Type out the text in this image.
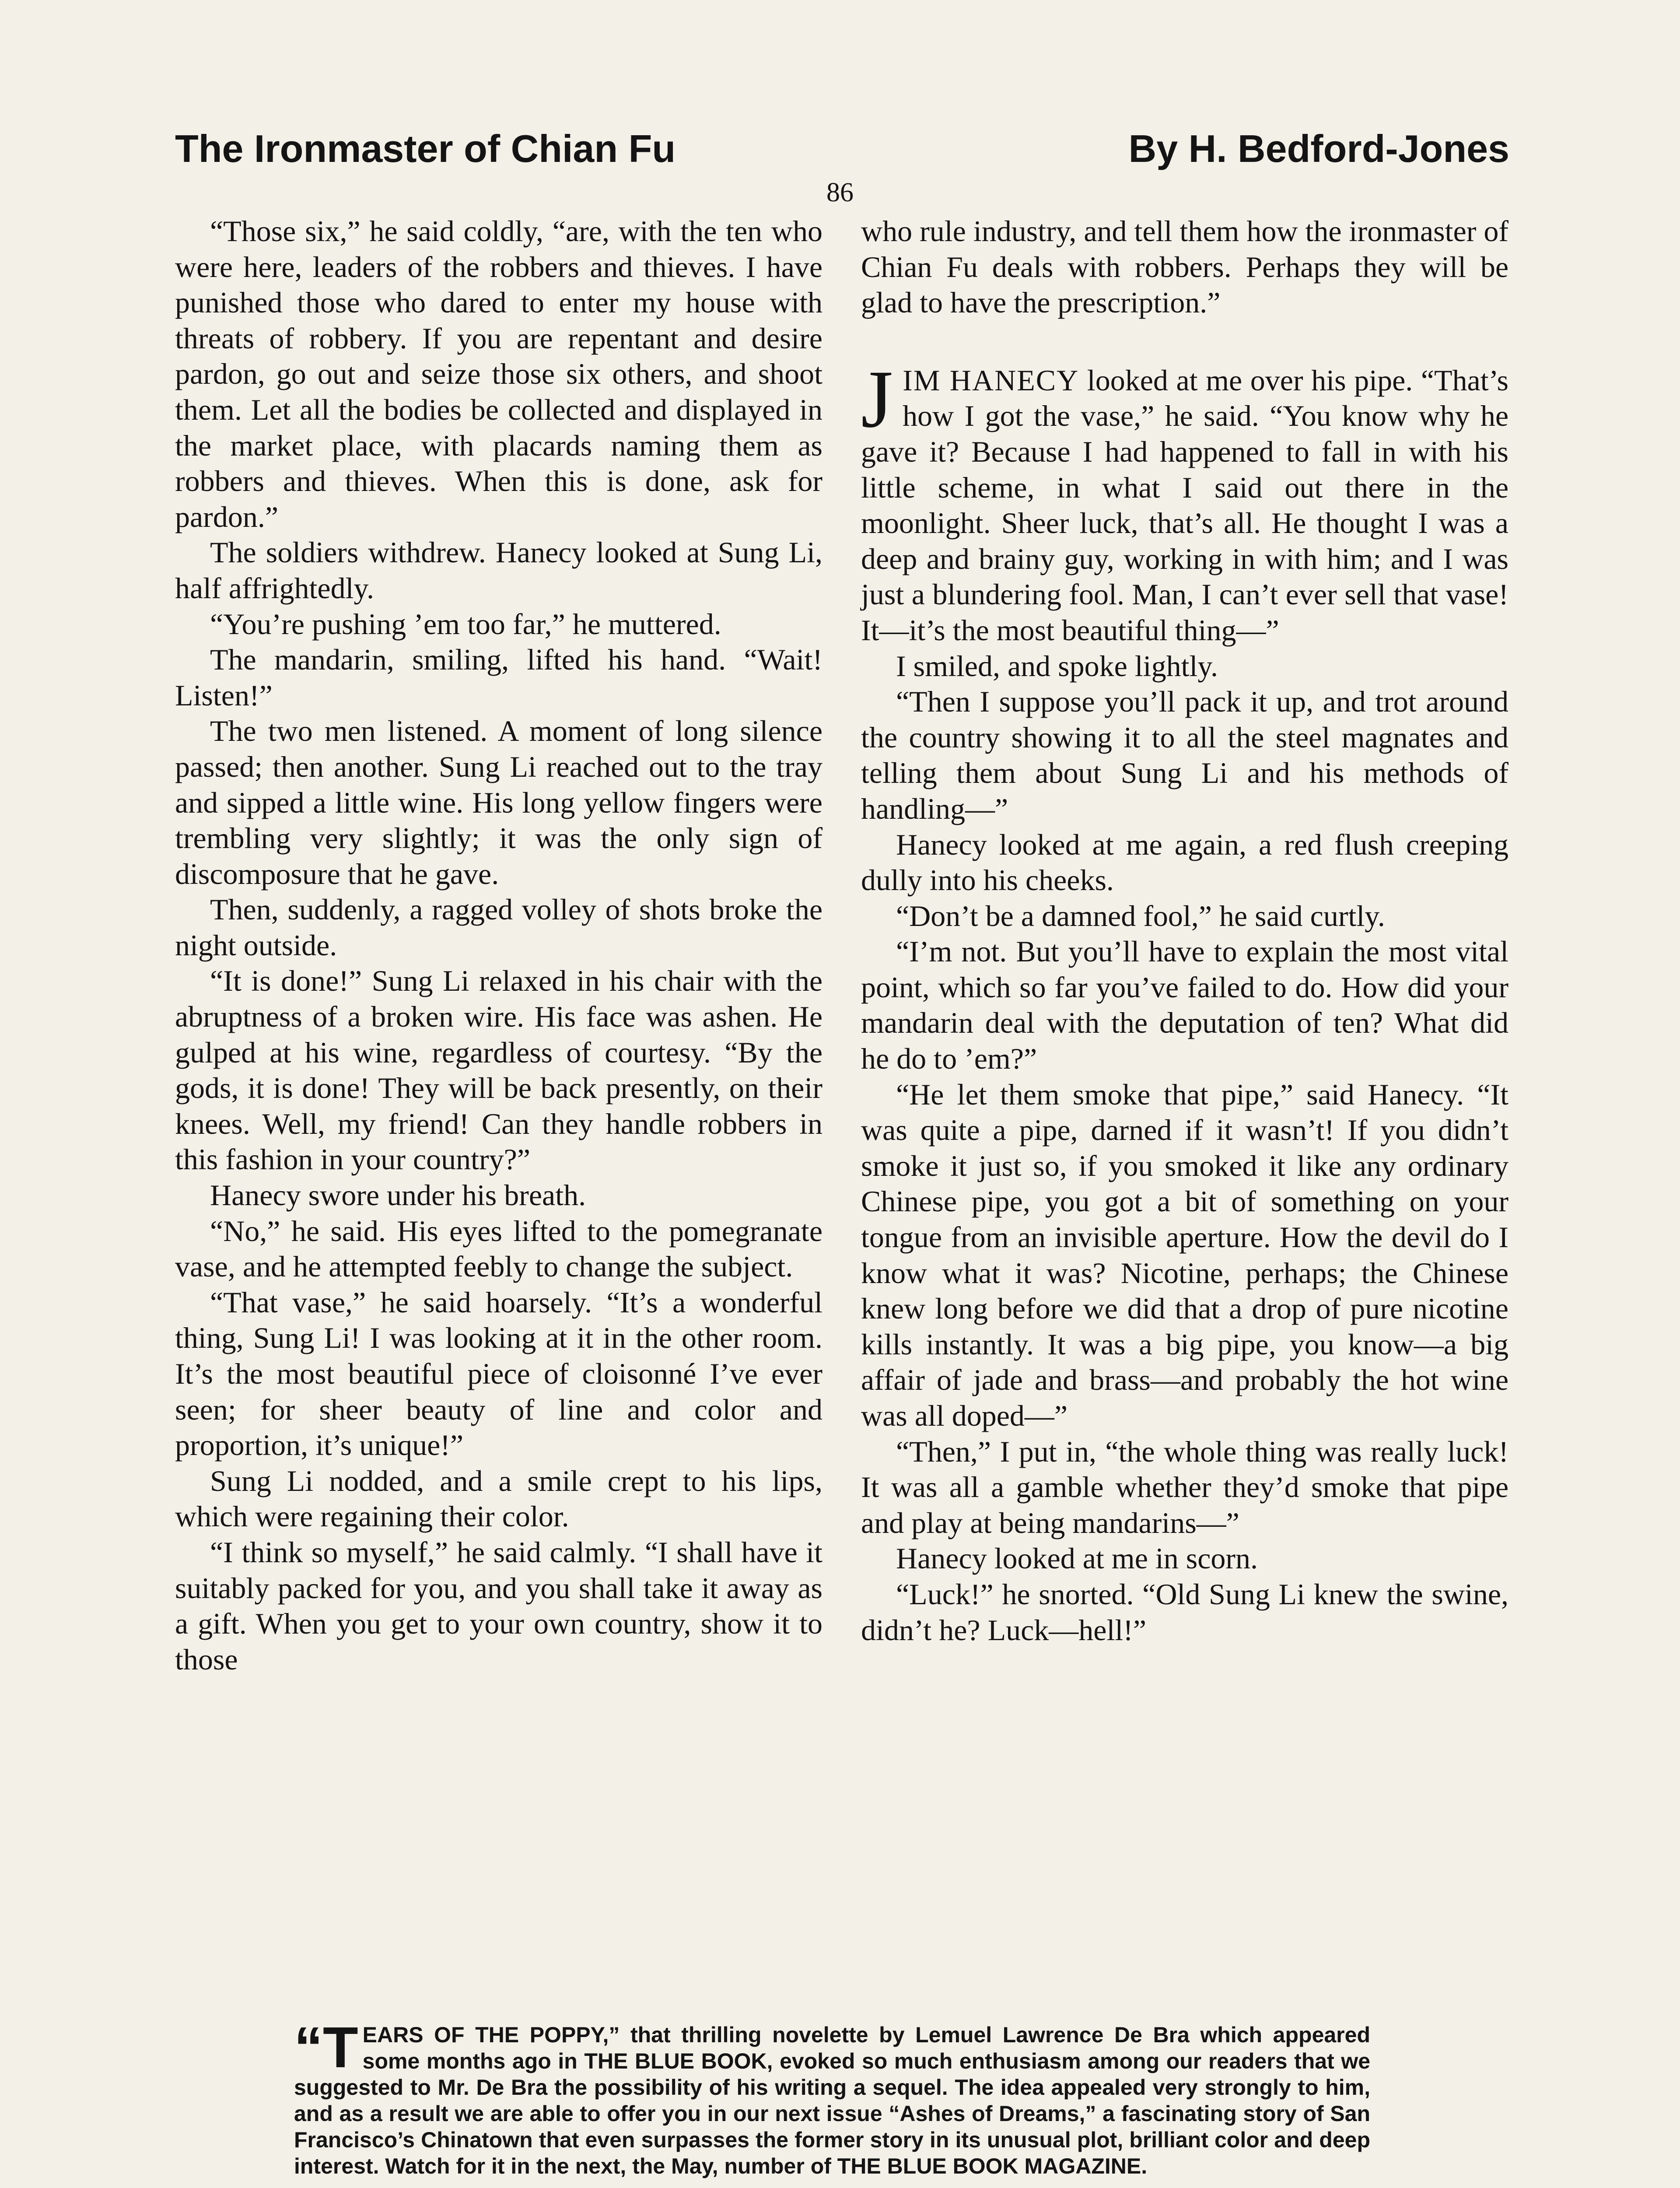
The Ironmaster of Chian Fu	By H. Bedford-Jones
86

“Those six,” he said coldly, “are, with the ten who were here, leaders of the robbers and thieves. I have punished those who dared to enter my house with threats of robbery. If you are repentant and desire pardon, go out and seize those six others, and shoot them. Let all the bodies be collected and displayed in the market place, with placards naming them as robbers and thieves. When this is done, ask for pardon.”

The soldiers withdrew. Hanecy looked at Sung Li, half affrightedly.

“You’re pushing ’em too far,” he muttered.

The mandarin, smiling, lifted his hand. “Wait! Listen!”

The two men listened. A moment of long silence passed; then another. Sung Li reached out to the tray and sipped a little wine. His long yellow fingers were trembling very slightly; it was the only sign of discomposure that he gave.

Then, suddenly, a ragged volley of shots broke the night outside.

“It is done!” Sung Li relaxed in his chair with the abruptness of a broken wire. His face was ashen. He gulped at his wine, regardless of courtesy. “By the gods, it is done! They will be back presently, on their knees. Well, my friend! Can they handle robbers in this fashion in your country?”

Hanecy swore under his breath.

“No,” he said. His eyes lifted to the pomegranate vase, and he attempted feebly to change the subject.

“That vase,” he said hoarsely. “It’s a wonderful thing, Sung Li! I was looking at it in the other room. It’s the most beautiful piece of cloisonné I’ve ever seen; for sheer beauty of line and color and proportion, it’s unique!”

Sung Li nodded, and a smile crept to his lips, which were regaining their color.

“I think so myself,” he said calmly. “I shall have it suitably packed for you, and you shall take it away as a gift. When you get to your own country, show it to those

who rule industry, and tell them how the ironmaster of Chian Fu deals with robbers. Perhaps they will be glad to have the prescription.”

JIM HANECY looked at me over his pipe. “That’s how I got the vase,” he said. “You know why he gave it? Because I had happened to fall in with his little scheme, in what I said out there in the moonlight. Sheer luck, that’s all. He thought I was a deep and brainy guy, working in with him; and I was just a blundering fool. Man, I can’t ever sell that vase! It—it’s the most beautiful thing—”

I smiled, and spoke lightly.

“Then I suppose you’ll pack it up, and trot around the country showing it to all the steel magnates and telling them about Sung Li and his methods of handling—”

Hanecy looked at me again, a red flush creeping dully into his cheeks.

“Don’t be a damned fool,” he said curtly.

“I’m not. But you’ll have to explain the most vital point, which so far you’ve failed to do. How did your mandarin deal with the deputation of ten? What did he do to ’em?”

“He let them smoke that pipe,” said Hanecy. “It was quite a pipe, darned if it wasn’t! If you didn’t smoke it just so, if you smoked it like any ordinary Chinese pipe, you got a bit of something on your tongue from an invisible aperture. How the devil do I know what it was? Nicotine, perhaps; the Chinese knew long before we did that a drop of pure nicotine kills instantly. It was a big pipe, you know—a big affair of jade and brass—and probably the hot wine was all doped—”

“Then,” I put in, “the whole thing was really luck! It was all a gamble whether they’d smoke that pipe and play at being mandarins—”

Hanecy looked at me in scorn.

“Luck!” he snorted. “Old Sung Li knew the swine, didn’t he? Luck—hell!”

“T EARS OF THE POPPY,” that thrilling novelette by Lemuel Lawrence De Bra which appeared some months ago in THE BLUE BOOK, evoked so much enthusiasm among our readers that we suggested to Mr. De Bra the possibility of his writing a sequel. The idea appealed very strongly to him, and as a result we are able to offer you in our next issue “Ashes of Dreams,” a fascinating story of San Francisco’s Chinatown that even surpasses the former story in its unusual plot, brilliant color and deep interest. Watch for it in the next, the May, number of THE BLUE BOOK MAGAZINE.
